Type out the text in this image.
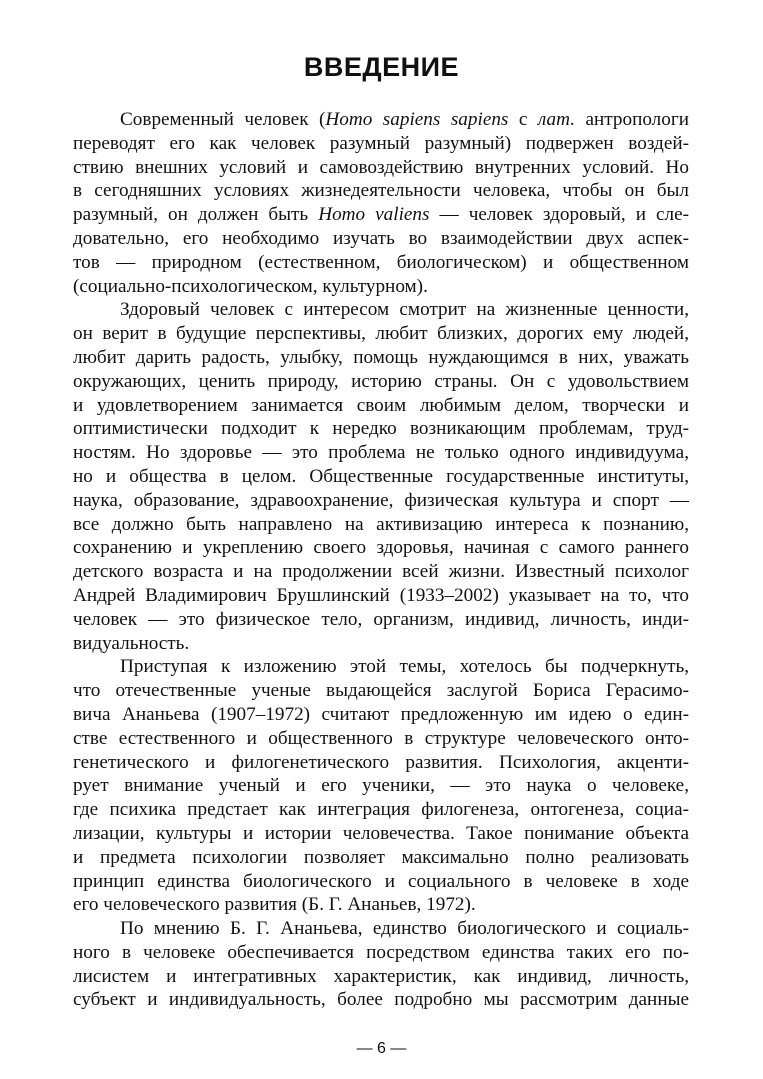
ВВЕДЕНИЕ
Современный человек (Homo sapiens sapiens с лат. антропологи
переводят его как человек разумный разумный) подвержен воздей-
ствию внешних условий и самовоздействию внутренних условий. Но
в сегодняшних условиях жизнедеятельности человека, чтобы он был
разумный, он должен быть Homo valiens — человек здоровый, и сле-
довательно, его необходимо изучать во взаимодействии двух аспек-
тов — природном (естественном, биологическом) и общественном
(социально-психологическом, культурном).
Здоровый человек с интересом смотрит на жизненные ценности,
он верит в будущие перспективы, любит близких, дорогих ему людей,
любит дарить радость, улыбку, помощь нуждающимся в них, уважать
окружающих, ценить природу, историю страны. Он с удовольствием
и удовлетворением занимается своим любимым делом, творчески и
оптимистически подходит к нередко возникающим проблемам, труд-
ностям. Но здоровье — это проблема не только одного индивидуума,
но и общества в целом. Общественные государственные институты,
наука, образование, здравоохранение, физическая культура и спорт —
все должно быть направлено на активизацию интереса к познанию,
сохранению и укреплению своего здоровья, начиная с самого раннего
детского возраста и на продолжении всей жизни. Известный психолог
Андрей Владимирович Брушлинский (1933–2002) указывает на то, что
человек — это физическое тело, организм, индивид, личность, инди-
видуальность.
Приступая к изложению этой темы, хотелось бы подчеркнуть,
что отечественные ученые выдающейся заслугой Бориса Герасимо-
вича Ананьева (1907–1972) считают предложенную им идею о един-
стве естественного и общественного в структуре человеческого онто-
генетического и филогенетического развития. Психология, акценти-
рует внимание ученый и его ученики, — это наука о человеке,
где психика предстает как интеграция филогенеза, онтогенеза, социа-
лизации, культуры и истории человечества. Такое понимание объекта
и предмета психологии позволяет максимально полно реализовать
принцип единства биологического и социального в человеке в ходе
его человеческого развития (Б. Г. Ананьев, 1972).
По мнению Б. Г. Ананьева, единство биологического и социаль-
ного в человеке обеспечивается посредством единства таких его по-
лисистем и интегративных характеристик, как индивид, личность,
субъект и индивидуальность, более подробно мы рассмотрим данные
— 6 —
